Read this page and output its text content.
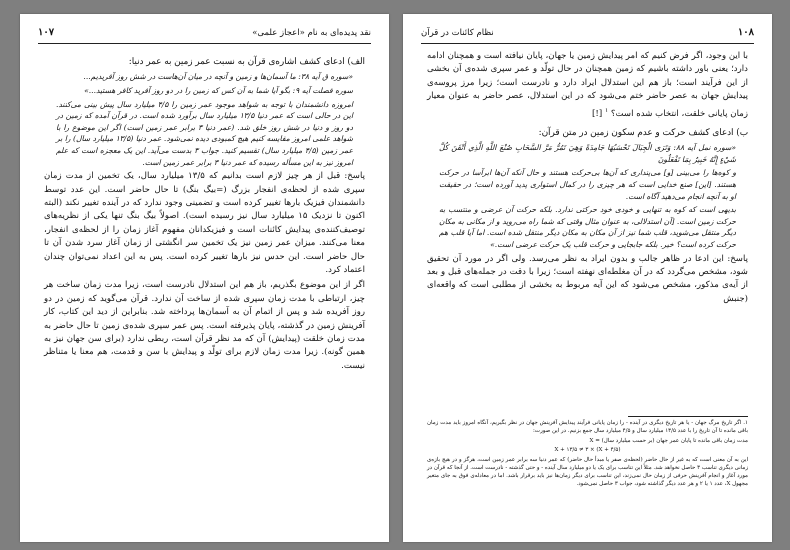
۱۰۷	نقد پدیده‌ای به نام «اعجاز علمی»

الف) ادعای کشف اشاره‌ی قرآن به نسبت عمر زمین به عمر دنیا:

«سوره ق آیه ۳۸: ما آسمان‌ها و زمین و آنچه در میان آن‌هاست در شش روز آفریدیم...

سوره فصلت آیه ۹: بگو آیا شما به آن کس که زمین را در دو روز آفرید کافر هستید...»

امروزه دانشمندان با توجه به شواهد موجود عمر زمین را ۴/۵ میلیارد سال پیش بینی می‌کنند. این در حالی است که عمر دنیا ۱۳/۵ میلیارد سال برآورد شده است. در قرآن آمده که زمین در دو روز و دنیا در شش روز خلق شد. (عمر دنیا ۳ برابر عمر زمین است) اگر این موضوع را با شواهد علمی امروز مقایسه کنیم هیچ کمبودی دیده نمی‌شود. عمر دنیا (۱۳/۵ میلیارد سال) را بر عمر زمین (۴/۵ میلیارد سال) تقسیم کنید. جواب ۳ بدست می‌آید. این یک معجزه است که علم امروز نیز به این مسأله رسیده که عمر دنیا ۳ برابر عمر زمین است.

پاسخ: قبل از هر چیز لازم است بدانیم که ۱۳/۵ میلیارد سال، یک تخمین از مدت زمان سپری شده از لحظه‌ی انفجار بزرگ (=بیگ بنگ) تا حال حاضر است. این عدد توسط دانشمندان فیزیک بارها تغییر کرده است و تضمینی وجود ندارد که در آینده تغییر نکند (البته اکنون تا نزدیک ۱۵ میلیارد سال نیز رسیده است). اصولاً بیگ بنگ تنها یکی از نظریه‌های توصیف‌کننده‌ی پیدایش کائنات است و فیزیکدانان مفهوم آغاز زمان را از لحظه‌ی انفجار، معنا می‌کنند. میزان عمر زمین نیز یک تخمین سر انگشتی از زمان آغاز سرد شدن آن تا حال حاضر است. این حدس نیز بارها تغییر کرده است. پس به این اعداد نمی‌توان چندان اعتماد کرد.

اگر از این موضوع بگذریم، باز هم این استدلال نادرست است، زیرا مدت زمان ساخت هر چیز، ارتباطی با مدت زمان سپری شده از ساخت آن ندارد. قرآن می‌گوید که زمین در دو روز آفریده شد و پس از اتمام آن به آسمان‌ها پرداخته شد. بنابراین از دید این کتاب، کار آفرینش زمین در گذشته، پایان پذیرفته است. پس عمر سپری شده‌ی زمین تا حال حاضر به مدت زمان خلقت (پیدایش) آن که مد نظر قرآن است، ربطی ندارد (برای سن جهان نیز به همین گونه). زیرا مدت زمان لازم برای تولّد و پیدایش با سن و قدمت، هم معنا یا متناظر نیست.

۱۰۸
نظام کائنات در قرآن

با این وجود، اگر فرض کنیم که امر پیدایش زمین یا جهان، پایان نیافته است و همچنان ادامه دارد؛ یعنی باور داشته باشیم که زمین همچنان در حال تولّد و عمر سپری شده‌ی آن بخشی از این فرآیند است؛ باز هم این استدلال ایراد دارد و نادرست است؛ زیرا مرز پروسه‌ی پیدایش جهان به عصر حاضر ختم می‌شود که در این استدلال، عصر حاضر به عنوان معیار زمان پایانی خلقت، انتخاب شده است؟ $^۱$ [!]

ب) ادعای کشف حرکت و عدم سکون زمین در متن قرآن:

«سوره نمل آیه ۸۸: وَتَرَى الْجِبَالَ تَحْسَبُهَا جَامِدَةً وَهِيَ تَمُرُّ مَرَّ السَّحَابِ صُنْعَ اللَّهِ الَّذِي أَتْقَنَ كُلَّ شَيْءٍ إِنَّهُ خَبِيرٌ بِمَا تَفْعَلُونَ

و کوه‌ها را می‌بینی [و] می‌پنداری که آن‌ها بی‌حرکت هستند و حال آنکه آن‌ها ابرآسا در حرکت هستند. [این] صنع خدایی است که هر چیزی را در کمال استواری پدید آورده است؛ در حقیقت او به آنچه انجام می‌دهید آگاه است.

بدیهی است که کوه به تنهایی و خودی خود حرکتی ندارد. بلکه حرکت آن عرضی و منتسب به حرکت زمین است. [آن استدلالی، به عنوان مثال وقتی که شما راه می‌روید و از مکانی به مکان دیگر منتقل می‌شوید، قلب شما نیز از آن مکان به مکان دیگر منتقل شده است. اما آیا قلب هم حرکت کرده است؟ خیر. بلکه جابجایی و حرکت قلب یک حرکت عرضی است.»

پاسخ: این ادعا در ظاهر جالب و بدون ایراد به نظر می‌رسد. ولی اگر در مورد آن تحقیق شود، مشخص می‌گردد که در آن مغلطه‌ای نهفته است؛ زیرا با دقت در جمله‌های قبل و بعد از آیه‌ی مذکور، مشخص می‌شود که این آیه مربوط به بخشی از مطلبی است که واقعه‌ای (جنبش

۱. اگر تاریخ مرگ جهان - یا هر تاریخ دیگری در آینده - را زمان پایانی فرآیند پیدایش آفرینش جهان در نظر بگیریم، آنگاه امروز باید مدت زمان باقی مانده تا آن تاریخ را با عدد ۱۳/۵ میلیارد سال و ۴/۵ میلیارد سال جمع بزنیم. در این صورت:

مدت زمان باقی مانده تا پایان عمر جهان (بر حسب میلیارد سال) = X

X + ۱۳/۵ ≠ ۳ × (X + ۴/۵)

این به آن معنی است که به غیر از حال حاضر (لحظه‌ی صفر یا مبدأ حال حاضر) که عمر دنیا سه برابر عمر زمین است، هرگز و در هیچ بازه‌ی زمانی دیگری تناسب ۳ حاصل نخواهد شد. مثلاً این تناسب برای یک یا دو میلیارد سال آینده - و حتی گذشته - نادرست است. از آنجا که قرآن در مورد آغاز و انجام آفرینش حرفی از زمان حال نمی‌زند، این تناسب برای دیگر زمان‌ها نیز باید برقرار باشد. اما در معادله‌ی فوق به جای متغیر مجهول X، عدد ۱ یا ۲ و هر عدد دیگر گذاشته شود، جواب ۳ حاصل نمی‌شود.
